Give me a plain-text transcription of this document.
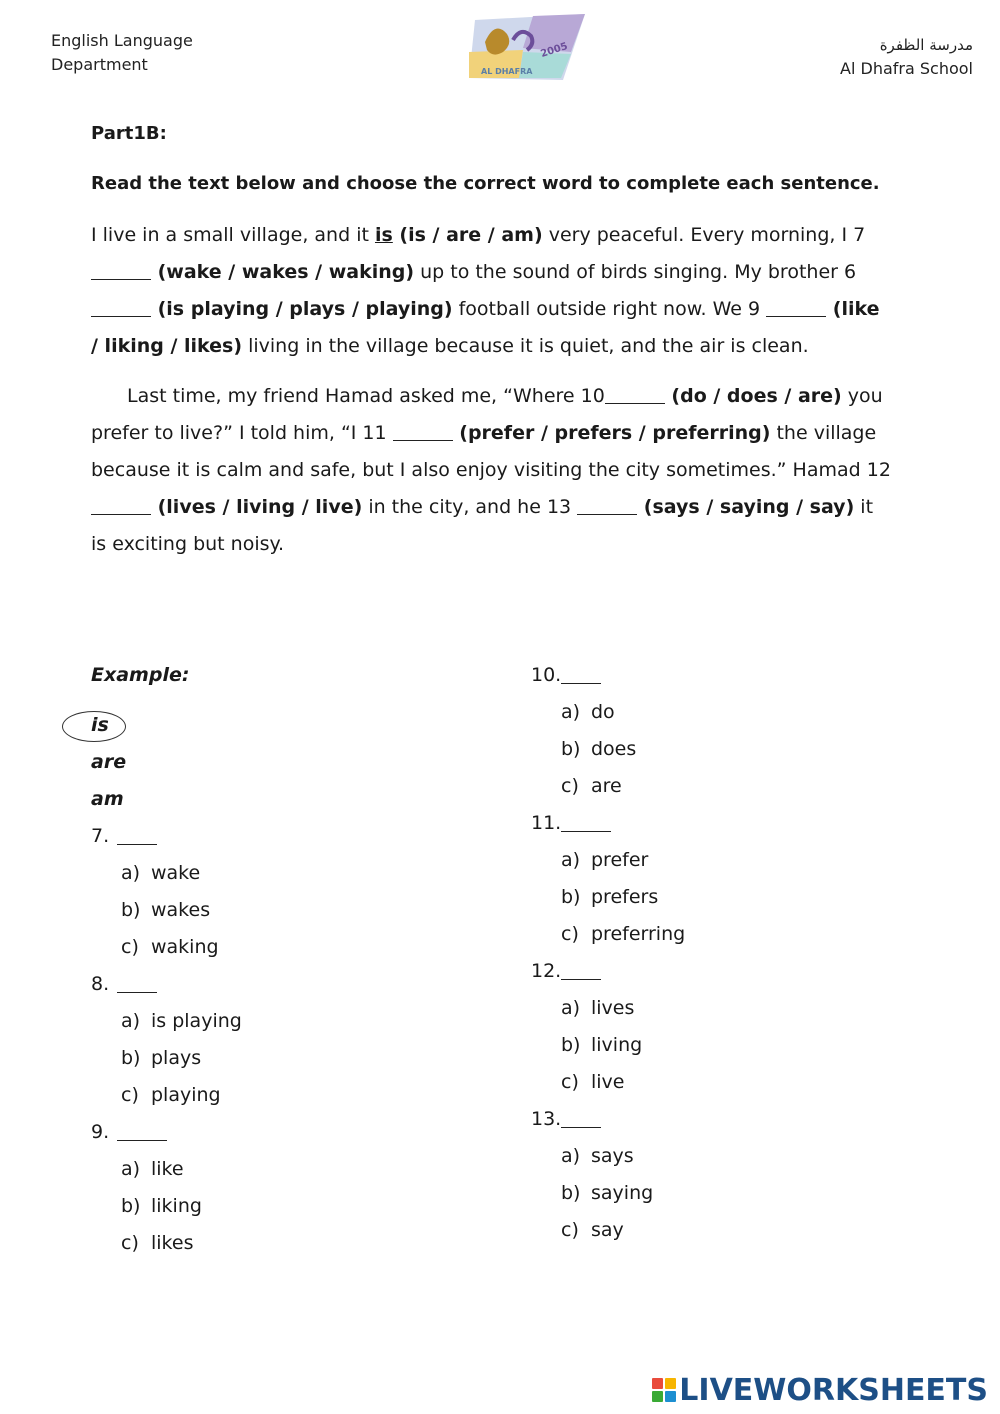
English Language
Department
2005
AL DHAFRA
مدرسة الظفرة
Al Dhafra School
Part1B:
Read the text below and choose the correct word to complete each sentence.
I live in a small village, and it is (is / are / am) very peaceful. Every morning, I 7  (wake / wakes / waking) up to the sound of birds singing. My brother 6  (is playing / plays / playing) football outside right now. We 9	(like / liking / likes) living in the village because it is quiet, and the air is clean.
Last time, my friend Hamad asked me, “Where 10	(do / does / are) you prefer to live?” I told him, “I 11	(prefer / prefers / preferring) the village because it is calm and safe, but I also enjoy visiting the city sometimes.” Hamad 12 (lives / living / live) in the city, and he 13	(says / saying / say) it is exciting but noisy.
Example:
is
are
am
7.
a) wake
b) wakes
c) waking
8.
a) is playing
b) plays
c) playing
9.
a) like
b) liking
c) likes
10.
a) do
b) does
c) are
11.
a) prefer
b) prefers
c) preferring
12.
a) lives
b) living
c) live
13.
a) says
b) saying
c) say
LIVEWORKSHEETS
